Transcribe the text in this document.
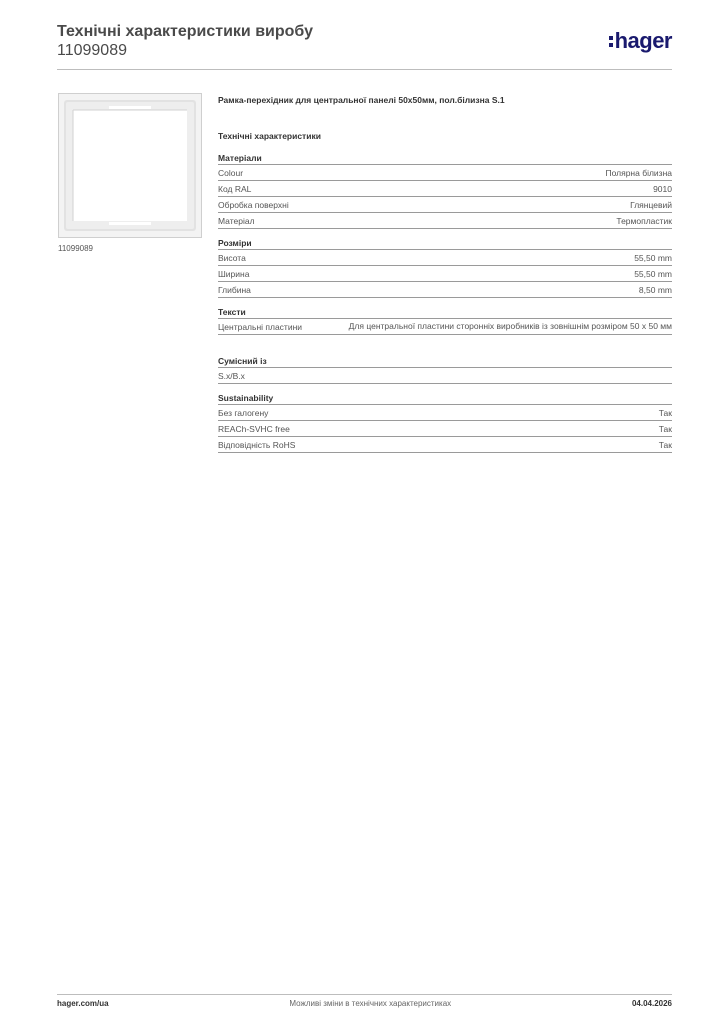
Технічні характеристики виробу
11099089	hager
11099089
Рамка-перехідник для центральної панелі 50x50мм, пол.білизна S.1
Технічні характеристики
Матеріали
Colour	Полярна білизна
Код RAL	9010
Обробка поверхні	Глянцевий
Матеріал	Термопластик
Розміри
Висота	55,50 mm
Ширина	55,50 mm
Глибина	8,50 mm
Тексти
Центральні пластини	Для центральної пластини сторонніх виробників із зовнішнім розміром 50 x 50 мм
Сумісний із
S.x/B.x
Sustainability
Без галогену	Так
REACh-SVHC free	Так
Відповідність RoHS	Так
hager.com/ua	Можливі зміни в технічних характеристиках	04.04.2026
